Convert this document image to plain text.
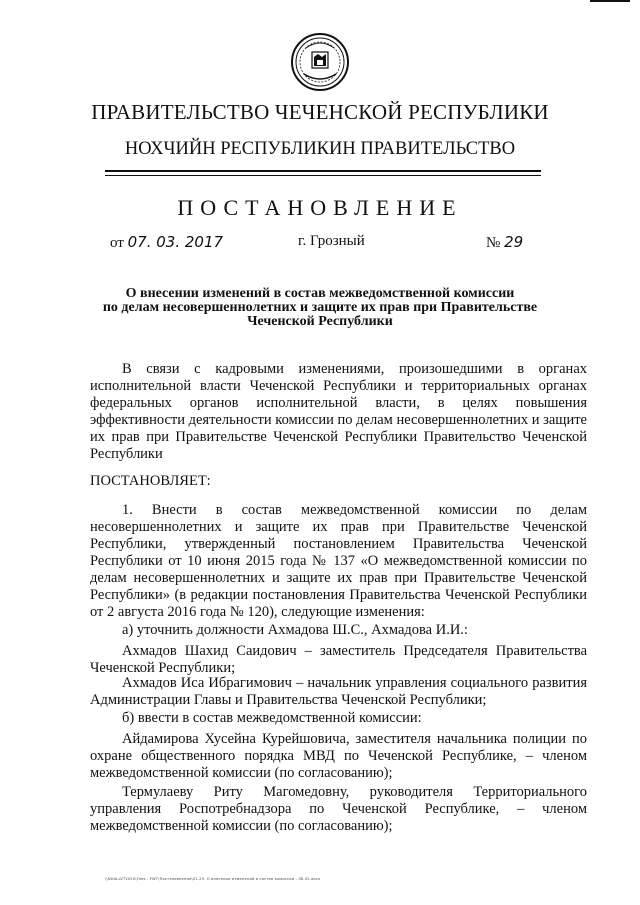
ПРАВИТЕЛЬСТВО ЧЕЧЕНСКОЙ РЕСПУБЛИКИ
НОХЧИЙН РЕСПУБЛИКИН ПРАВИТЕЛЬСТВО
ПОСТАНОВЛЕНИЕ
от 07. 03. 2017	г. Грозный	№ 29
О внесении изменений в состав межведомственной комиссии
по делам несовершеннолетних и защите их прав при Правительстве
Чеченской Республики

В связи с кадровыми изменениями, произошедшими в органах исполнительной власти Чеченской Республики и территориальных органах федеральных органов исполнительной власти, в целях повышения эффективности деятельности комиссии по делам несовершеннолетних и защите их прав при Правительстве Чеченской Республики Правительство Чеченской Республики

ПОСТАНОВЛЯЕТ:

1. Внести в состав межведомственной комиссии по делам несовершеннолетних и защите их прав при Правительстве Чеченской Республики, утвержденный постановлением Правительства Чеченской Республики от 10 июня 2015 года № 137 «О межведомственной комиссии по делам несовершеннолетних и защите их прав при Правительстве Чеченской Республики» (в редакции постановления Правительства Чеченской Республики от 2 августа 2016 года № 120), следующие изменения:

а) уточнить должности Ахмадова Ш.С., Ахмадова И.И.:

Ахмадов Шахид Саидович – заместитель Председателя Правительства Чеченской Республики;

Ахмадов Иса Ибрагимович – начальник управления социального развития Администрации Главы и Правительства Чеченской Республики;

б) ввести в состав межведомственной комиссии:

Айдамирова Хусейна Курейшовича, заместителя начальника полиции по охране общественного порядка МВД по Чеченской Республике, – членом межведомственной комиссии (по согласованию);

Термулаеву Риту Магомедовну, руководителя Территориального управления Роспотребнадзора по Чеченской Республике, – членом межведомственной комиссии (по согласованию);

\\NHALLVT2020\Files - FWT\Постановления\01.29. О внесении изменений в состав комиссии - 08.02.docx
